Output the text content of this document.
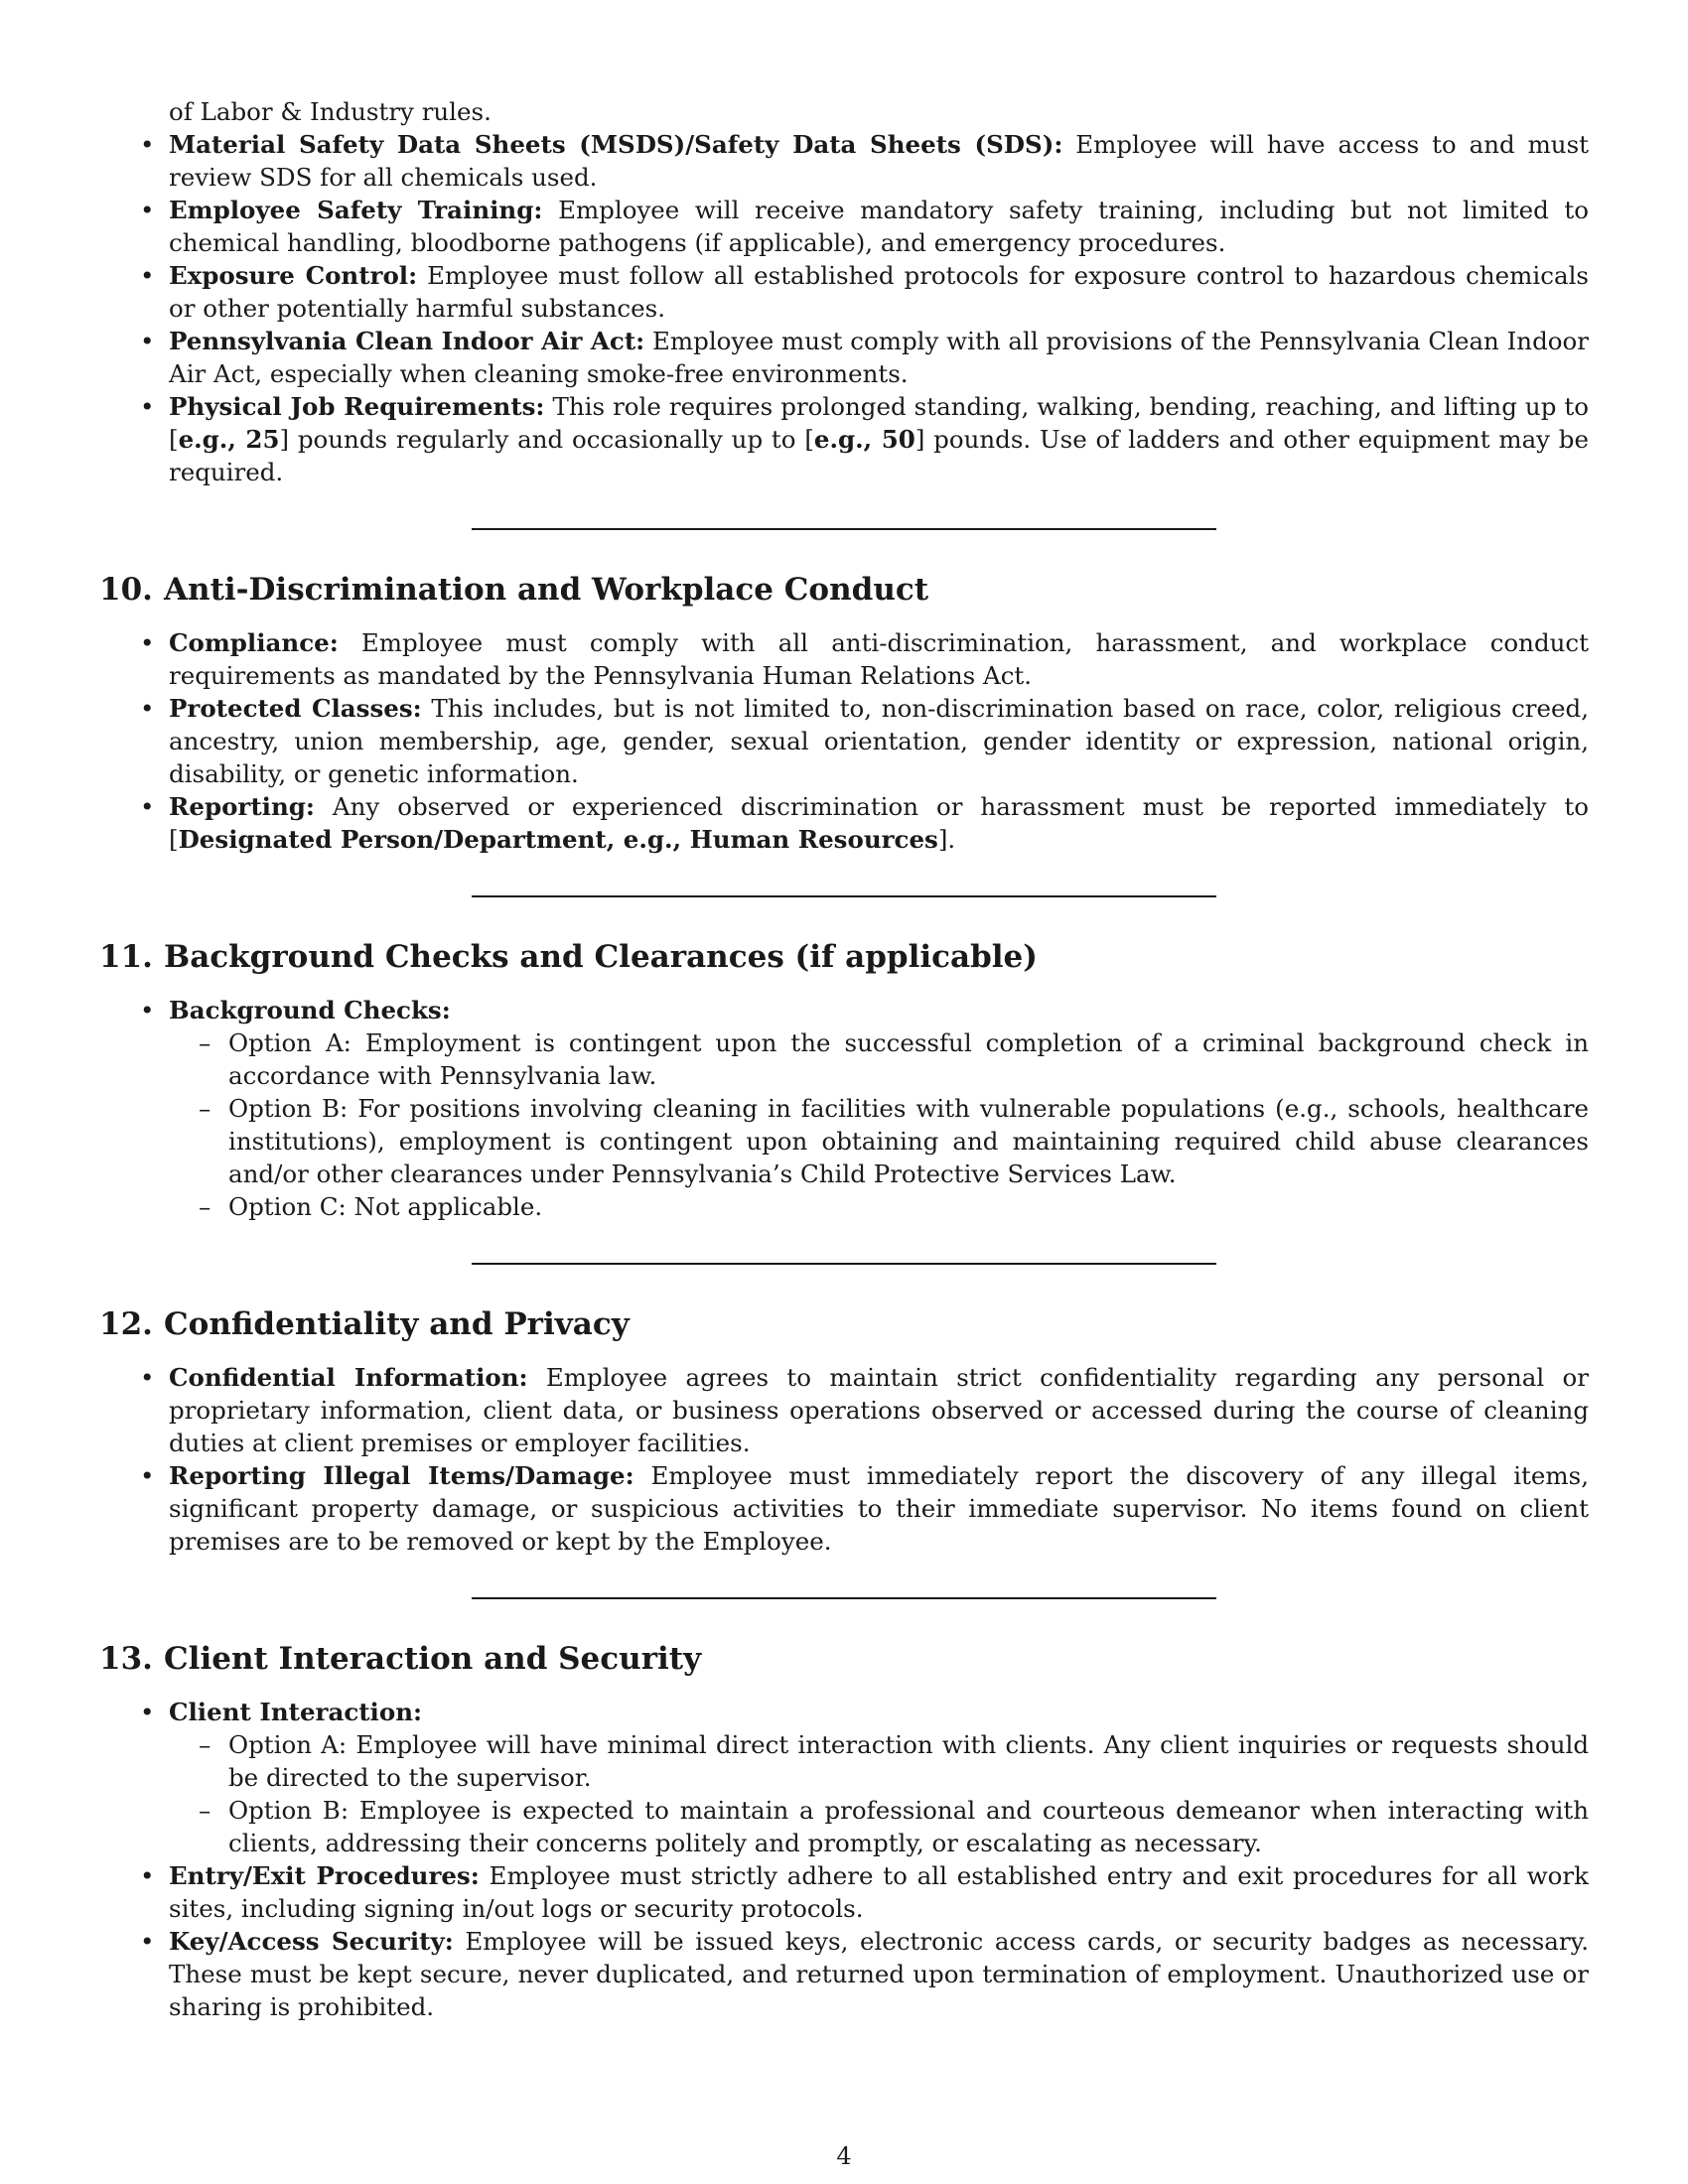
of Labor & Industry rules.
• Material Safety Data Sheets (MSDS)/Safety Data Sheets (SDS): Employee will have access to and must review SDS for all chemicals used.
• Employee Safety Training: Employee will receive mandatory safety training, including but not limited to chemical handling, bloodborne pathogens (if applicable), and emergency procedures.
• Exposure Control: Employee must follow all established protocols for exposure control to hazardous chemicals or other potentially harmful substances.
• Pennsylvania Clean Indoor Air Act: Employee must comply with all provisions of the Pennsylvania Clean Indoor Air Act, especially when cleaning smoke-free environments.
• Physical Job Requirements: This role requires prolonged standing, walking, bending, reaching, and lifting up to [e.g., 25] pounds regularly and occasionally up to [e.g., 50] pounds. Use of ladders and other equipment may be required.
10. Anti-Discrimination and Workplace Conduct
• Compliance: Employee must comply with all anti-discrimination, harassment, and workplace conduct requirements as mandated by the Pennsylvania Human Relations Act.
• Protected Classes: This includes, but is not limited to, non-discrimination based on race, color, religious creed, ancestry, union membership, age, gender, sexual orientation, gender identity or expression, national origin, disability, or genetic information.
• Reporting: Any observed or experienced discrimination or harassment must be reported immediately to [Designated Person/Department, e.g., Human Resources].
11. Background Checks and Clearances (if applicable)
• Background Checks:
– Option A: Employment is contingent upon the successful completion of a criminal background check in accordance with Pennsylvania law.
– Option B: For positions involving cleaning in facilities with vulnerable populations (e.g., schools, healthcare institutions), employment is contingent upon obtaining and maintaining required child abuse clearances and/or other clearances under Pennsylvania’s Child Protective Services Law.
– Option C: Not applicable.
12. Confidentiality and Privacy
• Confidential Information: Employee agrees to maintain strict confidentiality regarding any personal or proprietary information, client data, or business operations observed or accessed during the course of cleaning duties at client premises or employer facilities.
• Reporting Illegal Items/Damage: Employee must immediately report the discovery of any illegal items, significant property damage, or suspicious activities to their immediate supervisor. No items found on client premises are to be removed or kept by the Employee.
13. Client Interaction and Security
• Client Interaction:
– Option A: Employee will have minimal direct interaction with clients. Any client inquiries or requests should be directed to the supervisor.
– Option B: Employee is expected to maintain a professional and courteous demeanor when interacting with clients, addressing their concerns politely and promptly, or escalating as necessary.
• Entry/Exit Procedures: Employee must strictly adhere to all established entry and exit procedures for all work sites, including signing in/out logs or security protocols.
• Key/Access Security: Employee will be issued keys, electronic access cards, or security badges as necessary. These must be kept secure, never duplicated, and returned upon termination of employment. Unauthorized use or sharing is prohibited.
4
